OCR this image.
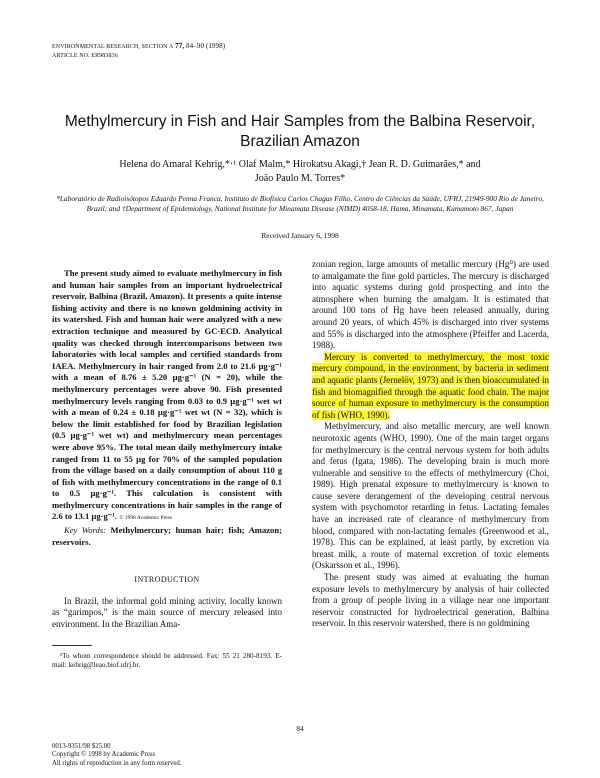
ENVIRONMENTAL RESEARCH, SECTION A 77, 84–90 (1998)
ARTICLE NO. ER983836
Methylmercury in Fish and Hair Samples from the Balbina Reservoir,
Brazilian Amazon
Helena do Amaral Kehrig,*·¹ Olaf Malm,* Hirokatsu Akagi,† Jean R. D. Guimarães,* and
João Paulo M. Torres*
*Laboratório de Radioisótopos Eduardo Penna Franca, Instituto de Biofísica Carlos Chagas Filho, Centro de Ciências da Saúde, UFRJ, 21949-900 Rio de Janeiro, Brazil; and †Department of Epidemiology, National Institute for Minamata Disease (NIMD) 4058-18, Hama, Minamata, Kumamoto 867, Japan
Received January 6, 1998

The present study aimed to evaluate methylmercury in fish and human hair samples from an important hydroelectrical reservoir, Balbina (Brazil, Amazon). It presents a quite intense fishing activity and there is no known goldmining activity in its watershed. Fish and human hair were analyzed with a new extraction technique and measured by GC-ECD. Analytical quality was checked through intercomparisons between two laboratories with local samples and certified standards from IAEA. Methylmercury in hair ranged from 2.0 to 21.6 µg·g⁻¹ with a mean of 8.76 ± 5.20 µg·g⁻¹ (N = 20), while the methylmercury percentages were above 90. Fish presented methylmercury levels ranging from 0.03 to 0.9 µg·g⁻¹ wet wt with a mean of 0.24 ± 0.18 µg·g⁻¹ wet wt (N = 32), which is below the limit established for food by Brazilian legislation (0.5 µg·g⁻¹ wet wt) and methylmercury mean percentages were above 95%. The total mean daily methylmercury intake ranged from 11 to 55 µg for 70% of the sampled population from the village based on a daily consumption of about 110 g of fish with methylmercury concentrations in the range of 0.1 to 0.5 µg·g⁻¹. This calculation is consistent with methylmercury concentrations in hair samples in the range of 2.6 to 13.1 µg·g⁻¹. © 1998 Academic Press

Key Words: Methylmercury; human hair; fish; Amazon; reservoirs.

INTRODUCTION

In Brazil, the informal gold mining activity, locally known as “garimpos,” is the main source of mercury released into environment. In the Brazilian Ama-

¹To whom correspondence should be addressed. Fax: 55 21 280-8193. E-mail: kehrig@leao.biof.ufrj.br.

zonian region, large amounts of metallic mercury (Hg⁰) are used to amalgamate the fine gold particles. The mercury is discharged into aquatic systems during gold prospecting and into the atmosphere when burning the amalgam. It is estimated that around 100 tons of Hg have been released annually, during around 20 years, of which 45% is discharged into river systems and 55% is discharged into the atmosphere (Pfeiffer and Lacerda, 1988).

Mercury is converted to methylmercury, the most toxic mercury compound, in the environment, by bacteria in sediment and aquatic plants (Jernelöv, 1973) and is then bioaccumulated in fish and biomagnified through the aquatic food chain. The major source of human exposure to methylmercury is the consumption of fish (WHO, 1990).

Methylmercury, and also metallic mercury, are well known neurotoxic agents (WHO, 1990). One of the main target organs for methylmercury is the central nervous system for both adults and fetus (Igata, 1986). The developing brain is much more vulnerable and sensitive to the effects of methylmercury (Choi, 1989). High prenatal exposure to methylmercury is known to cause severe derangement of the developing central nervous system with psychomotor retarding in fetus. Lactating females have an increased rate of clearance of methylmercury from blood, compared with non-lactating females (Greenwood et al., 1978). This can be explained, at least partly, by excretion via breast milk, a route of maternal excretion of toxic elements (Oskarsson et al., 1996).

The present study was aimed at evaluating the human exposure levels to methylmercury by analysis of hair collected from a group of people living in a village near one important reservoir constructed for hydroelectrical generation, Balbina reservoir. In this reservoir watershed, there is no goldmining

84
0013-9351/98 $25.00
Copyright © 1998 by Academic Press
All rights of reproduction in any form reserved.
